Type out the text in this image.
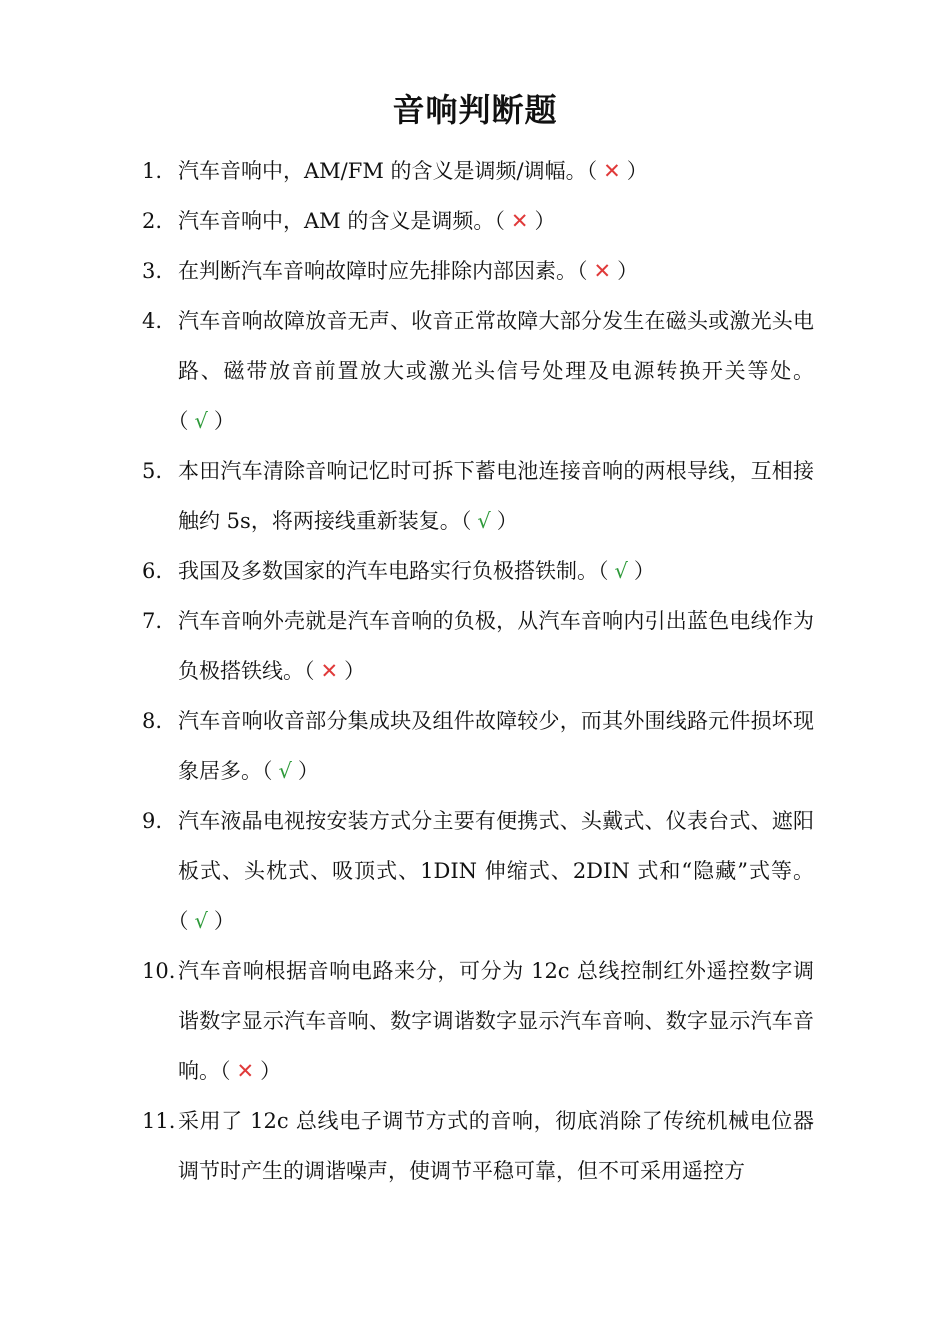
音响判断题
1. 汽车音响中，AM/FM 的含义是调频/调幅。（ ✕ ）
2. 汽车音响中，AM 的含义是调频。（ ✕ ）
3. 在判断汽车音响故障时应先排除内部因素。（ ✕ ）
4. 汽车音响故障放音无声、收音正常故障大部分发生在磁头或激光头电路、磁带放音前置放大或激光头信号处理及电源转换开关等处。（ √ ）
5. 本田汽车清除音响记忆时可拆下蓄电池连接音响的两根导线，互相接触约 5s，将两接线重新装复。（ √ ）
6. 我国及多数国家的汽车电路实行负极搭铁制。（ √ ）
7. 汽车音响外壳就是汽车音响的负极，从汽车音响内引出蓝色电线作为负极搭铁线。（ ✕ ）
8. 汽车音响收音部分集成块及组件故障较少，而其外围线路元件损坏现象居多。（ √ ）
9. 汽车液晶电视按安装方式分主要有便携式、头戴式、仪表台式、遮阳板式、头枕式、吸顶式、1DIN 伸缩式、2DIN 式和“隐藏”式等。（ √ ）
10. 汽车音响根据音响电路来分，可分为 12c 总线控制红外遥控数字调谐数字显示汽车音响、数字调谐数字显示汽车音响、数字显示汽车音响。（ ✕ ）
11. 采用了 12c 总线电子调节方式的音响，彻底消除了传统机械电位器调节时产生的调谐噪声，使调节平稳可靠，但不可采用遥控方
